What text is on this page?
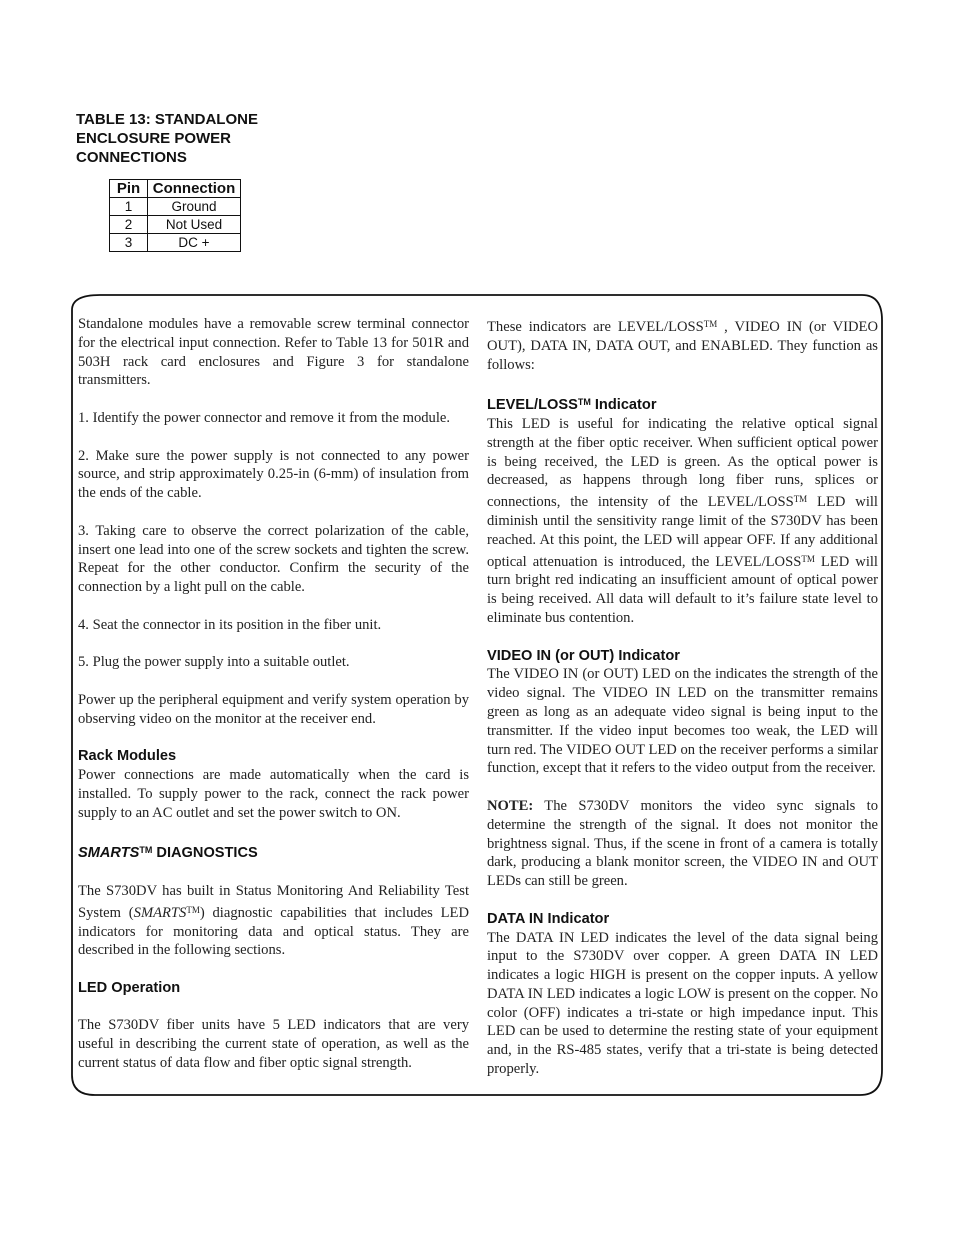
TABLE 13: STANDALONE
ENCLOSURE POWER
CONNECTIONS
Pin	Connection
1	Ground
2	Not Used
3	DC +

Standalone modules have a removable screw terminal connector for the electrical input connection. Refer to Table 13 for 501R and 503H rack card enclosures and Figure 3 for standalone transmitters.

1. Identify the power connector and remove it from the module.

2. Make sure the power supply is not connected to any power source, and strip approximately 0.25-in (6-mm) of insulation from the ends of the cable.

3. Taking care to observe the correct polarization of the cable, insert one lead into one of the screw sockets and tighten the screw. Repeat for the other conductor. Confirm the security of the connection by a light pull on the cable.

4. Seat the connector in its position in the fiber unit.

5. Plug the power supply into a suitable outlet.

Power up the peripheral equipment and verify system operation by observing video on the monitor at the receiver end.

Rack Modules

Power connections are made automatically when the card is installed. To supply power to the rack, connect the rack power supply to an AC outlet and set the power switch to ON.

SMARTS™ DIAGNOSTICS

The S730DV has built in Status Monitoring And Reliability Test System (SMARTS™) diagnostic capabilities that includes LED indicators for monitoring data and optical status. They are described in the following sections.

LED Operation

The S730DV fiber units have 5 LED indicators that are very useful in describing the current state of operation, as well as the current status of data flow and fiber optic signal strength.

These indicators are LEVEL/LOSS™ , VIDEO IN (or VIDEO OUT), DATA IN, DATA OUT, and ENABLED. They function as follows:

LEVEL/LOSS™ Indicator

This LED is useful for indicating the relative optical signal strength at the fiber optic receiver. When sufficient optical power is being received, the LED is green. As the optical power is decreased, as happens through long fiber runs, splices or connections, the intensity of the LEVEL/LOSS™ LED will diminish until the sensitivity range limit of the S730DV has been reached. At this point, the LED will appear OFF. If any additional optical attenuation is introduced, the LEVEL/LOSS™ LED will turn bright red indicating an insufficient amount of optical power is being received. All data will default to it’s failure state level to eliminate bus contention.

VIDEO IN (or OUT) Indicator

The VIDEO IN (or OUT) LED on the indicates the strength of the video signal. The VIDEO IN LED on the transmitter remains green as long as an adequate video signal is being input to the transmitter. If the video input becomes too weak, the LED will turn red. The VIDEO OUT LED on the receiver performs a similar function, except that it refers to the video output from the receiver.

NOTE: The S730DV monitors the video sync signals to determine the strength of the signal. It does not monitor the brightness signal. Thus, if the scene in front of a camera is totally dark, producing a blank monitor screen, the VIDEO IN and OUT LEDs can still be green.

DATA IN Indicator

The DATA IN LED indicates the level of the data signal being input to the S730DV over copper. A green DATA IN LED indicates a logic HIGH is present on the copper inputs. A yellow DATA IN LED indicates a logic LOW is present on the copper. No color (OFF) indicates a tri-state or high impedance input. This LED can be used to determine the resting state of your equipment and, in the RS-485 states, verify that a tri-state is being detected properly.
